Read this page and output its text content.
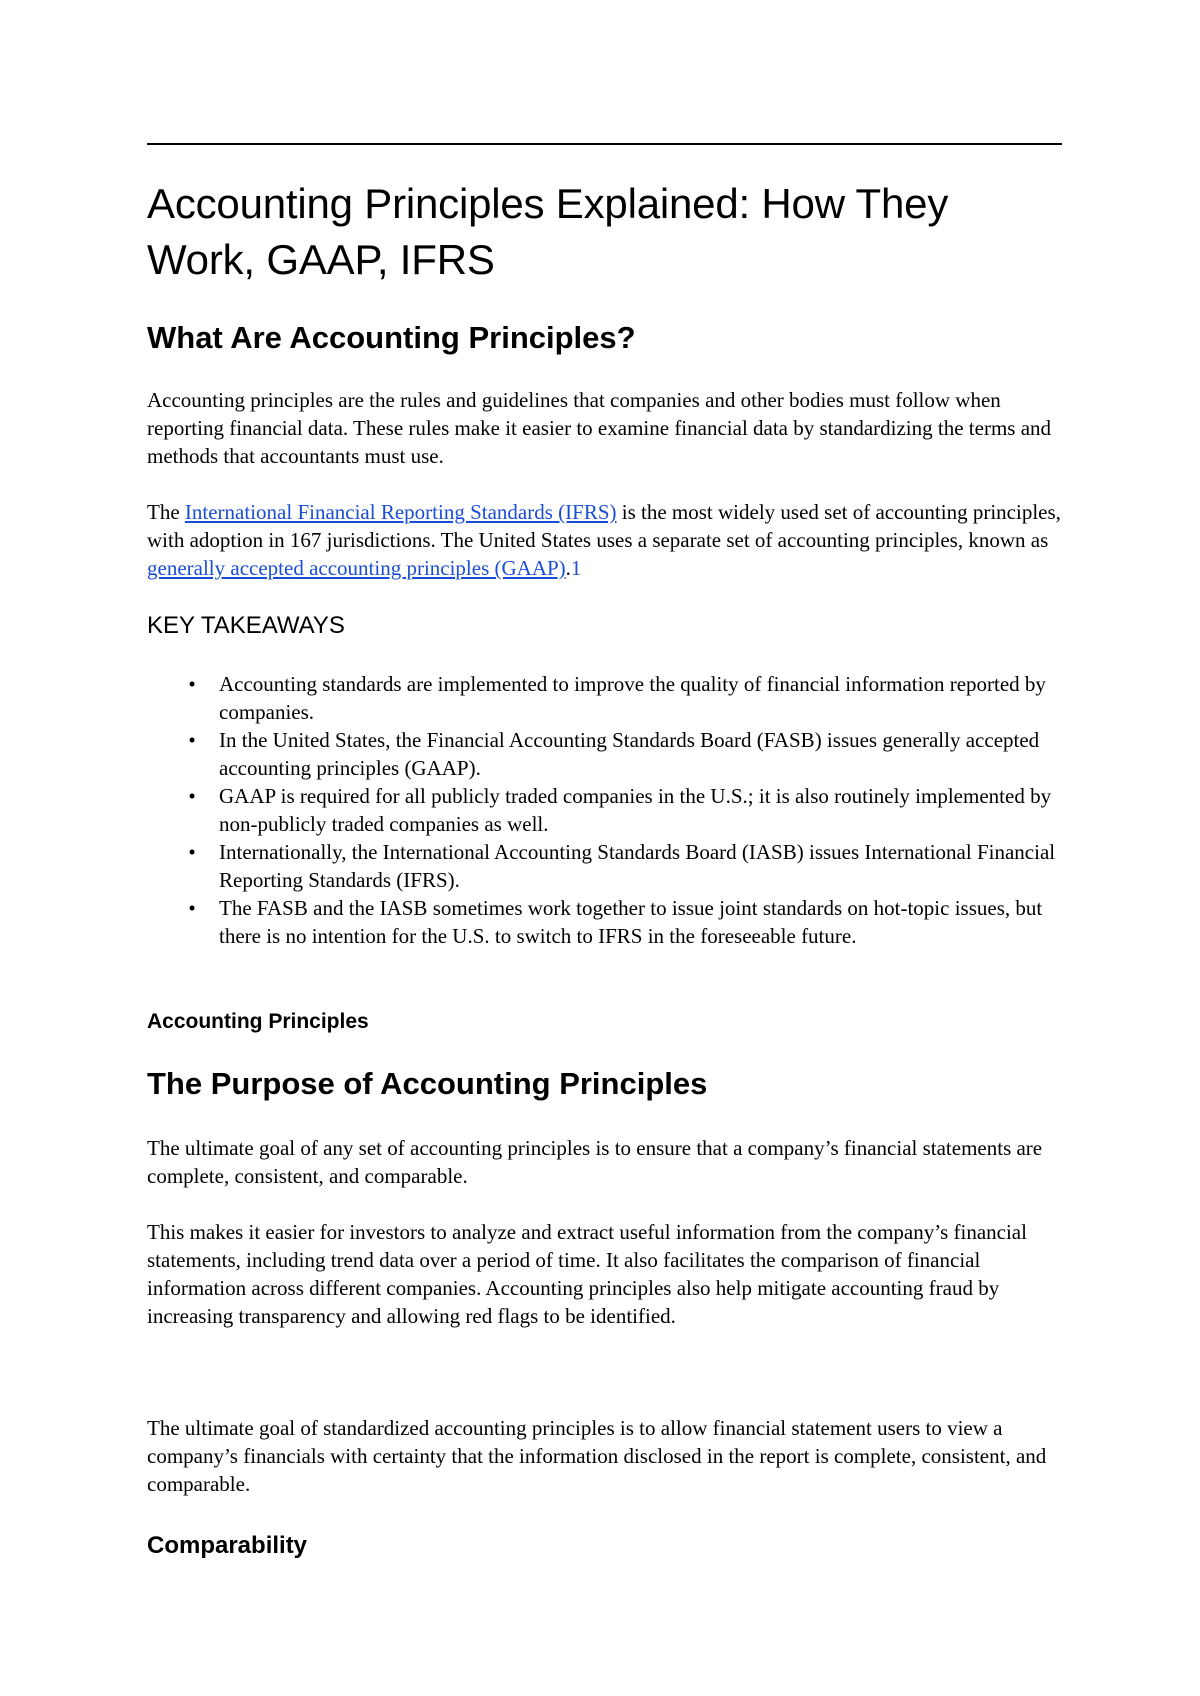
Accounting Principles Explained: How They Work, GAAP, IFRS
What Are Accounting Principles?

Accounting principles are the rules and guidelines that companies and other bodies must follow when reporting financial data. These rules make it easier to examine financial data by standardizing the terms and methods that accountants must use.

The International Financial Reporting Standards (IFRS) is the most widely used set of accounting principles, with adoption in 167 jurisdictions. The United States uses a separate set of accounting principles, known as generally accepted accounting principles (GAAP).1

KEY TAKEAWAYS
• Accounting standards are implemented to improve the quality of financial information reported by companies.
• In the United States, the Financial Accounting Standards Board (FASB) issues generally accepted accounting principles (GAAP).
• GAAP is required for all publicly traded companies in the U.S.; it is also routinely implemented by non-publicly traded companies as well.
• Internationally, the International Accounting Standards Board (IASB) issues International Financial Reporting Standards (IFRS).
• The FASB and the IASB sometimes work together to issue joint standards on hot-topic issues, but there is no intention for the U.S. to switch to IFRS in the foreseeable future.
Accounting Principles
The Purpose of Accounting Principles

The ultimate goal of any set of accounting principles is to ensure that a company’s financial statements are complete, consistent, and comparable.

This makes it easier for investors to analyze and extract useful information from the company’s financial statements, including trend data over a period of time. It also facilitates the comparison of financial information across different companies. Accounting principles also help mitigate accounting fraud by increasing transparency and allowing red flags to be identified.

The ultimate goal of standardized accounting principles is to allow financial statement users to view a company’s financials with certainty that the information disclosed in the report is complete, consistent, and comparable.

Comparability
